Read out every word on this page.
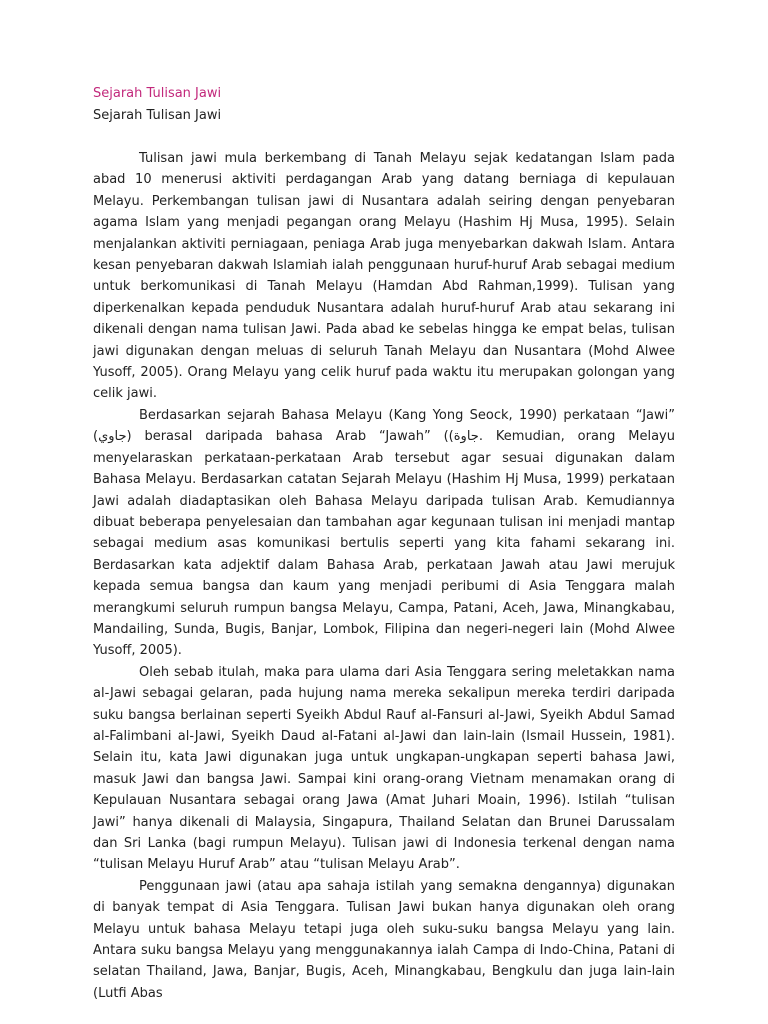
Sejarah Tulisan Jawi
Sejarah Tulisan Jawi

Tulisan jawi mula berkembang di Tanah Melayu sejak kedatangan Islam pada abad 10 menerusi aktiviti perdagangan Arab yang datang berniaga di kepulauan Melayu. Perkembangan tulisan jawi di Nusantara adalah seiring dengan penyebaran agama Islam yang menjadi pegangan orang Melayu (Hashim Hj Musa, 1995). Selain menjalankan aktiviti perniagaan, peniaga Arab juga menyebarkan dakwah Islam. Antara kesan penyebaran dakwah Islamiah ialah penggunaan huruf-huruf Arab sebagai medium untuk berkomunikasi di Tanah Melayu (Hamdan Abd Rahman,1999). Tulisan yang diperkenalkan kepada penduduk Nusantara adalah huruf-huruf Arab atau sekarang ini dikenali dengan nama tulisan Jawi. Pada abad ke sebelas hingga ke empat belas, tulisan jawi digunakan dengan meluas di seluruh Tanah Melayu dan Nusantara (Mohd Alwee Yusoff, 2005). Orang Melayu yang celik huruf pada waktu itu merupakan golongan yang celik jawi.

Berdasarkan sejarah Bahasa Melayu (Kang Yong Seock, 1990) perkataan “Jawi” (جاوي) berasal daripada bahasa Arab “Jawah” ((جاوة. Kemudian, orang Melayu menyelaraskan perkataan-perkataan Arab tersebut agar sesuai digunakan dalam Bahasa Melayu. Berdasarkan catatan Sejarah Melayu (Hashim Hj Musa, 1999) perkataan Jawi adalah diadaptasikan oleh Bahasa Melayu daripada tulisan Arab. Kemudiannya dibuat beberapa penyelesaian dan tambahan agar kegunaan tulisan ini menjadi mantap sebagai medium asas komunikasi bertulis seperti yang kita fahami sekarang ini. Berdasarkan kata adjektif dalam Bahasa Arab, perkataan Jawah atau Jawi merujuk kepada semua bangsa dan kaum yang menjadi peribumi di Asia Tenggara malah merangkumi seluruh rumpun bangsa Melayu, Campa, Patani, Aceh, Jawa, Minangkabau, Mandailing, Sunda, Bugis, Banjar, Lombok, Filipina dan negeri-negeri lain (Mohd Alwee Yusoff, 2005).

Oleh sebab itulah, maka para ulama dari Asia Tenggara sering meletakkan nama al-Jawi sebagai gelaran, pada hujung nama mereka sekalipun mereka terdiri daripada suku bangsa berlainan seperti Syeikh Abdul Rauf al-Fansuri al-Jawi, Syeikh Abdul Samad al-Falimbani al-Jawi, Syeikh Daud al-Fatani al-Jawi dan lain-lain (Ismail Hussein, 1981). Selain itu, kata Jawi digunakan juga untuk ungkapan-ungkapan seperti bahasa Jawi, masuk Jawi dan bangsa Jawi. Sampai kini orang-orang Vietnam menamakan orang di Kepulauan Nusantara sebagai orang Jawa (Amat Juhari Moain, 1996). Istilah “tulisan Jawi” hanya dikenali di Malaysia, Singapura, Thailand Selatan dan Brunei Darussalam dan Sri Lanka (bagi rumpun Melayu). Tulisan jawi di Indonesia terkenal dengan nama “tulisan Melayu Huruf Arab” atau “tulisan Melayu Arab”.

Penggunaan jawi (atau apa sahaja istilah yang semakna dengannya) digunakan di banyak tempat di Asia Tenggara. Tulisan Jawi bukan hanya digunakan oleh orang Melayu untuk bahasa Melayu tetapi juga oleh suku-suku bangsa Melayu yang lain. Antara suku bangsa Melayu yang menggunakannya ialah Campa di Indo-China, Patani di selatan Thailand, Jawa, Banjar, Bugis, Aceh, Minangkabau, Bengkulu dan juga lain-lain (Lutfi Abas
